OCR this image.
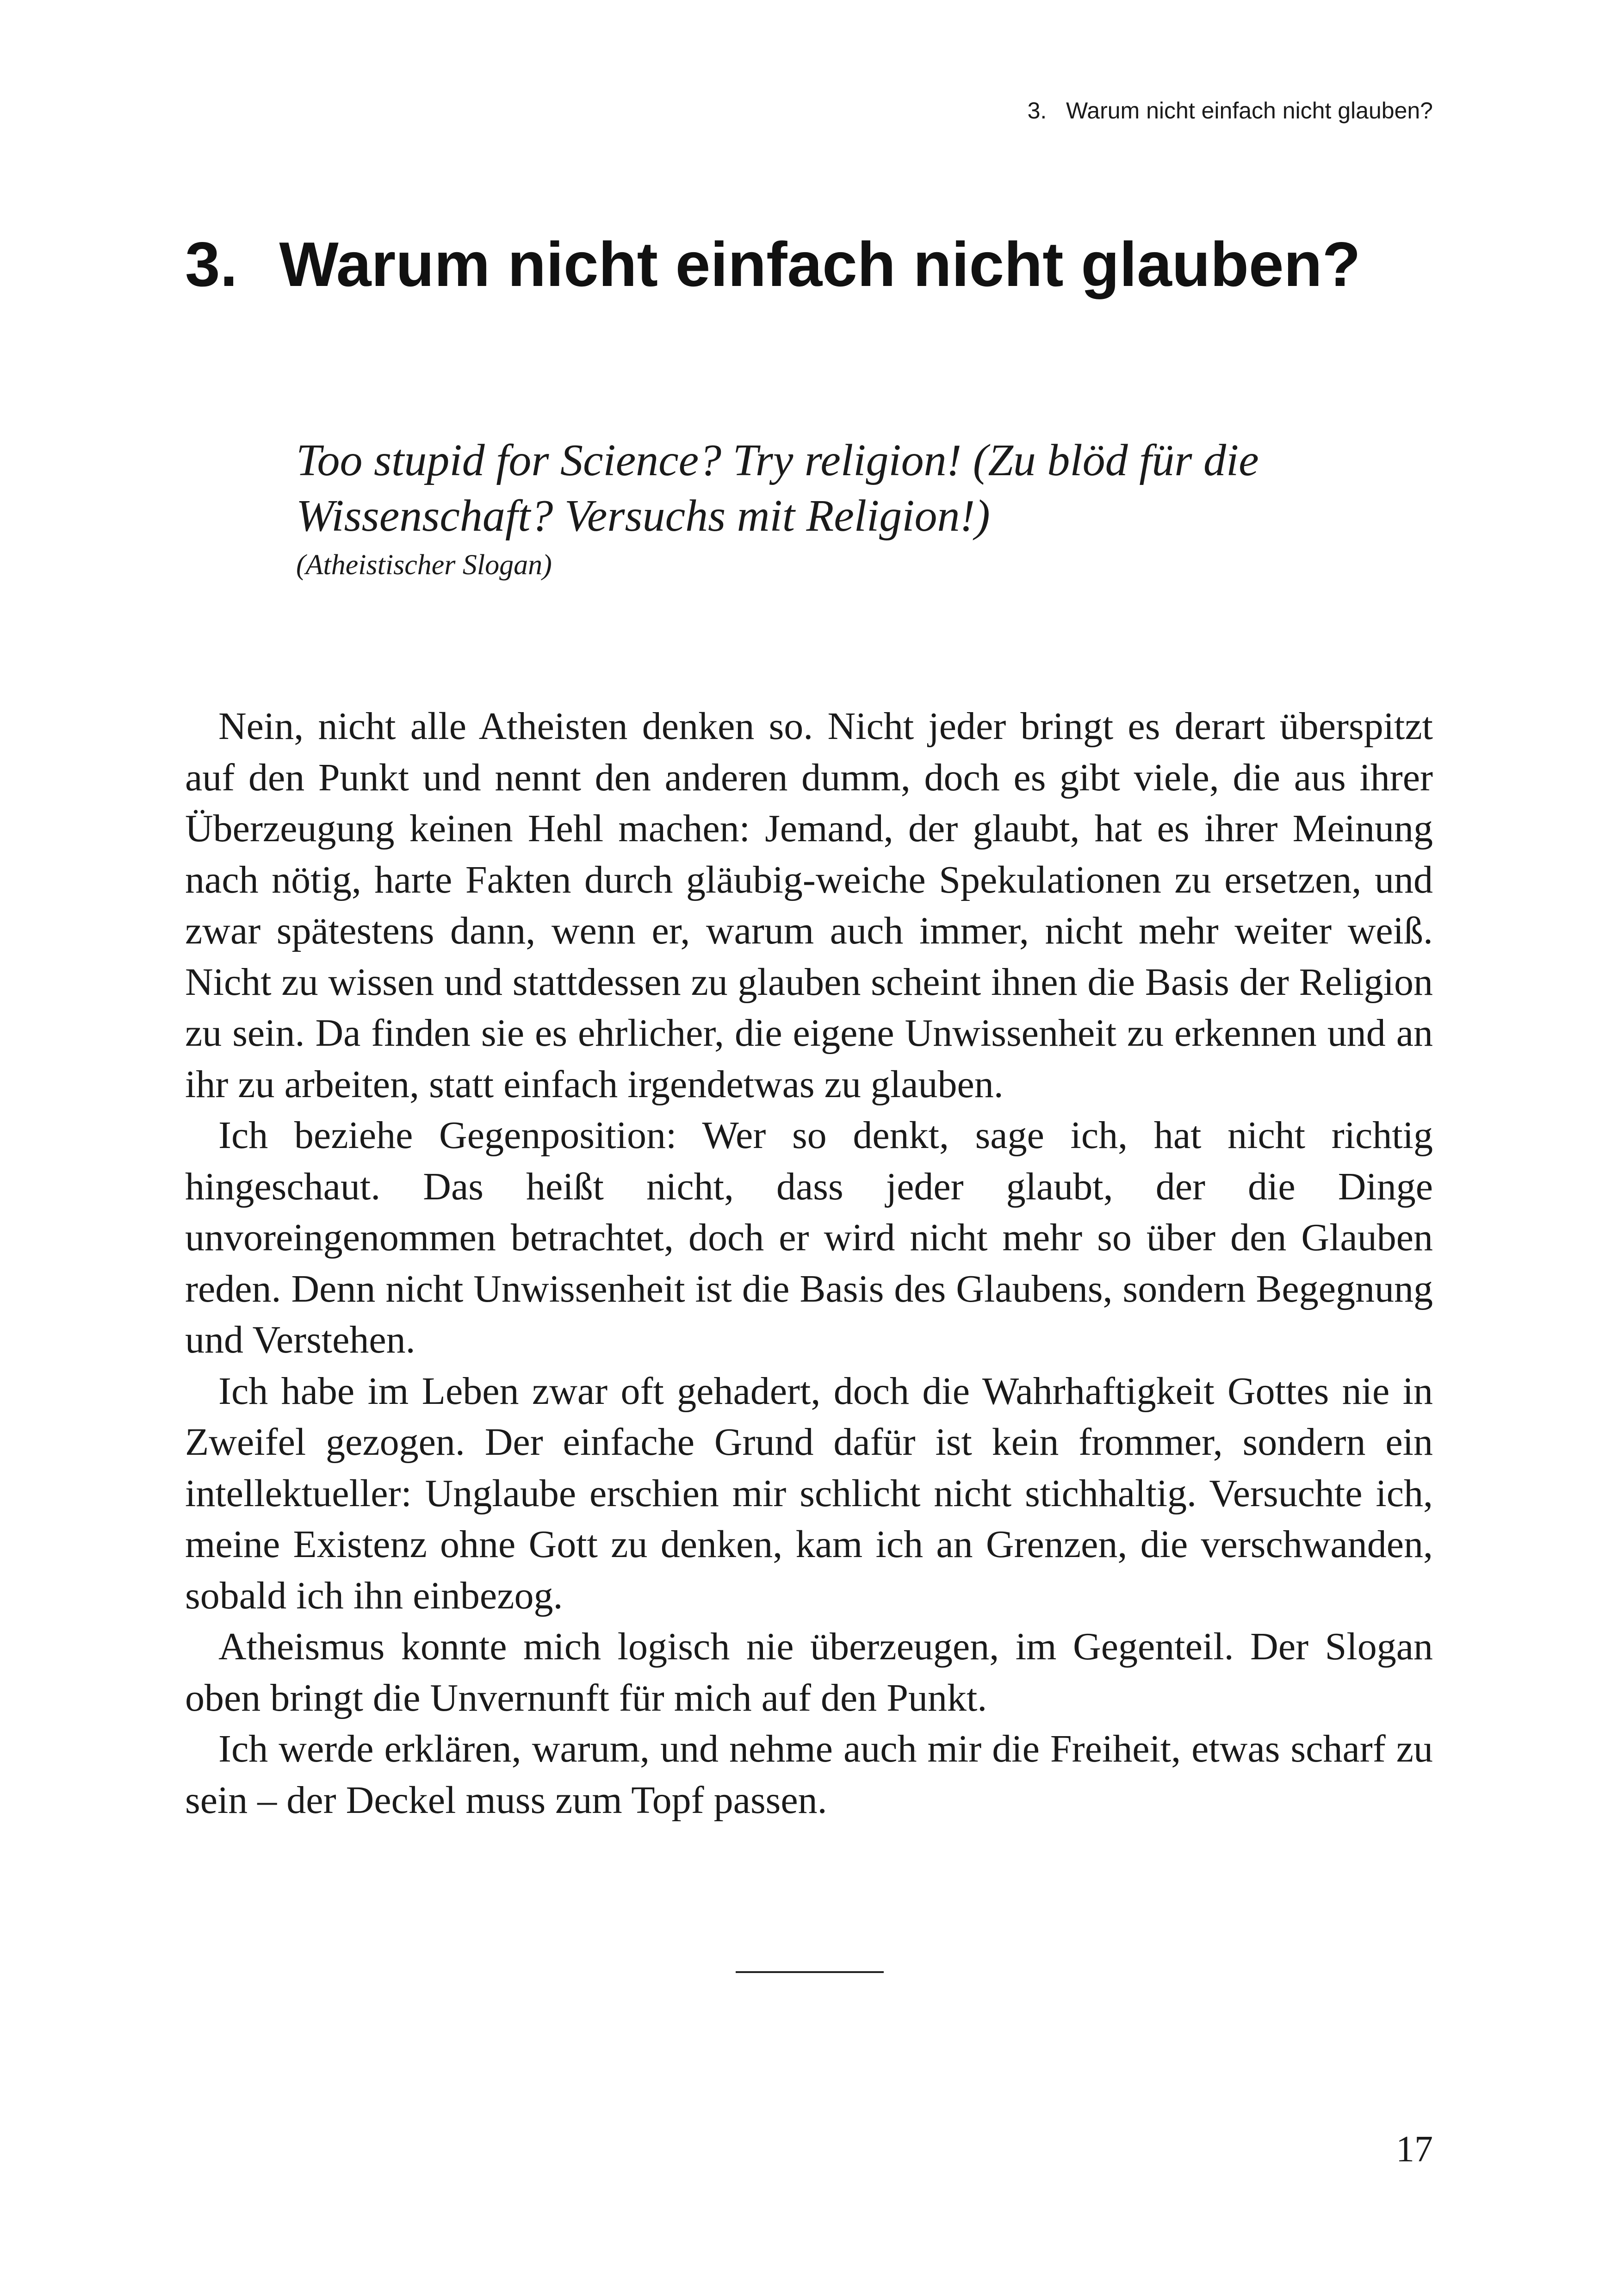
3.   Warum nicht einfach nicht glauben?
3. Warum nicht einfach nicht glauben?
Too stupid for Science? Try religion! (Zu blöd für die Wissenschaft? Versuchs mit Religion!)
(Atheistischer Slogan)

Nein, nicht alle Atheisten denken so. Nicht jeder bringt es derart überspitzt auf den Punkt und nennt den anderen dumm, doch es gibt viele, die aus ihrer Überzeugung keinen Hehl machen: Jemand, der glaubt, hat es ihrer Meinung nach nötig, harte Fakten durch gläubig-weiche Spekulationen zu ersetzen, und zwar spätestens dann, wenn er, warum auch immer, nicht mehr weiter weiß. Nicht zu wissen und stattdessen zu glauben scheint ihnen die Basis der Religion zu sein. Da finden sie es ehrlicher, die eigene Unwissenheit zu erkennen und an ihr zu arbeiten, statt einfach irgendetwas zu glauben.

Ich beziehe Gegenposition: Wer so denkt, sage ich, hat nicht richtig hingeschaut. Das heißt nicht, dass jeder glaubt, der die Dinge unvoreingenommen betrachtet, doch er wird nicht mehr so über den Glauben reden. Denn nicht Unwissenheit ist die Basis des Glaubens, sondern Begegnung und Verstehen.

Ich habe im Leben zwar oft gehadert, doch die Wahrhaftigkeit Gottes nie in Zweifel gezogen. Der einfache Grund dafür ist kein frommer, sondern ein intellektueller: Unglaube erschien mir schlicht nicht stichhaltig. Versuchte ich, meine Existenz ohne Gott zu denken, kam ich an Grenzen, die verschwanden, sobald ich ihn einbezog.

Atheismus konnte mich logisch nie überzeugen, im Gegenteil. Der Slogan oben bringt die Unvernunft für mich auf den Punkt.

Ich werde erklären, warum, und nehme auch mir die Freiheit, etwas scharf zu sein – der Deckel muss zum Topf passen.

17
